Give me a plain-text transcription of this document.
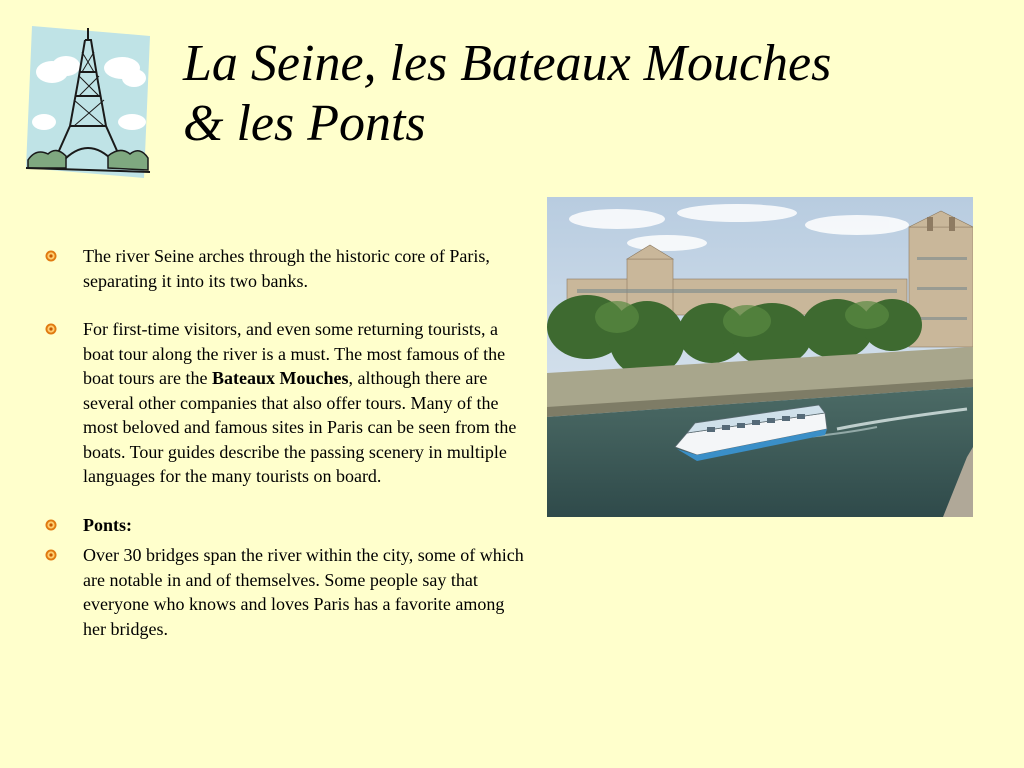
La Seine, les Bateaux Mouches
& les Ponts
The river Seine arches through the historic core of Paris, separating it into its two banks.
For first-time visitors, and even some returning tourists, a boat tour along the river is a must. The most famous of the boat tours are the Bateaux Mouches, although there are several other companies that also offer tours. Many of the most beloved and famous sites in Paris can be seen from the boats. Tour guides describe the passing scenery in multiple languages for the many tourists on board.
Ponts:
Over 30 bridges span the river within the city, some of which are notable in and of themselves. Some people say that everyone who knows and loves Paris has a favorite among her bridges.
